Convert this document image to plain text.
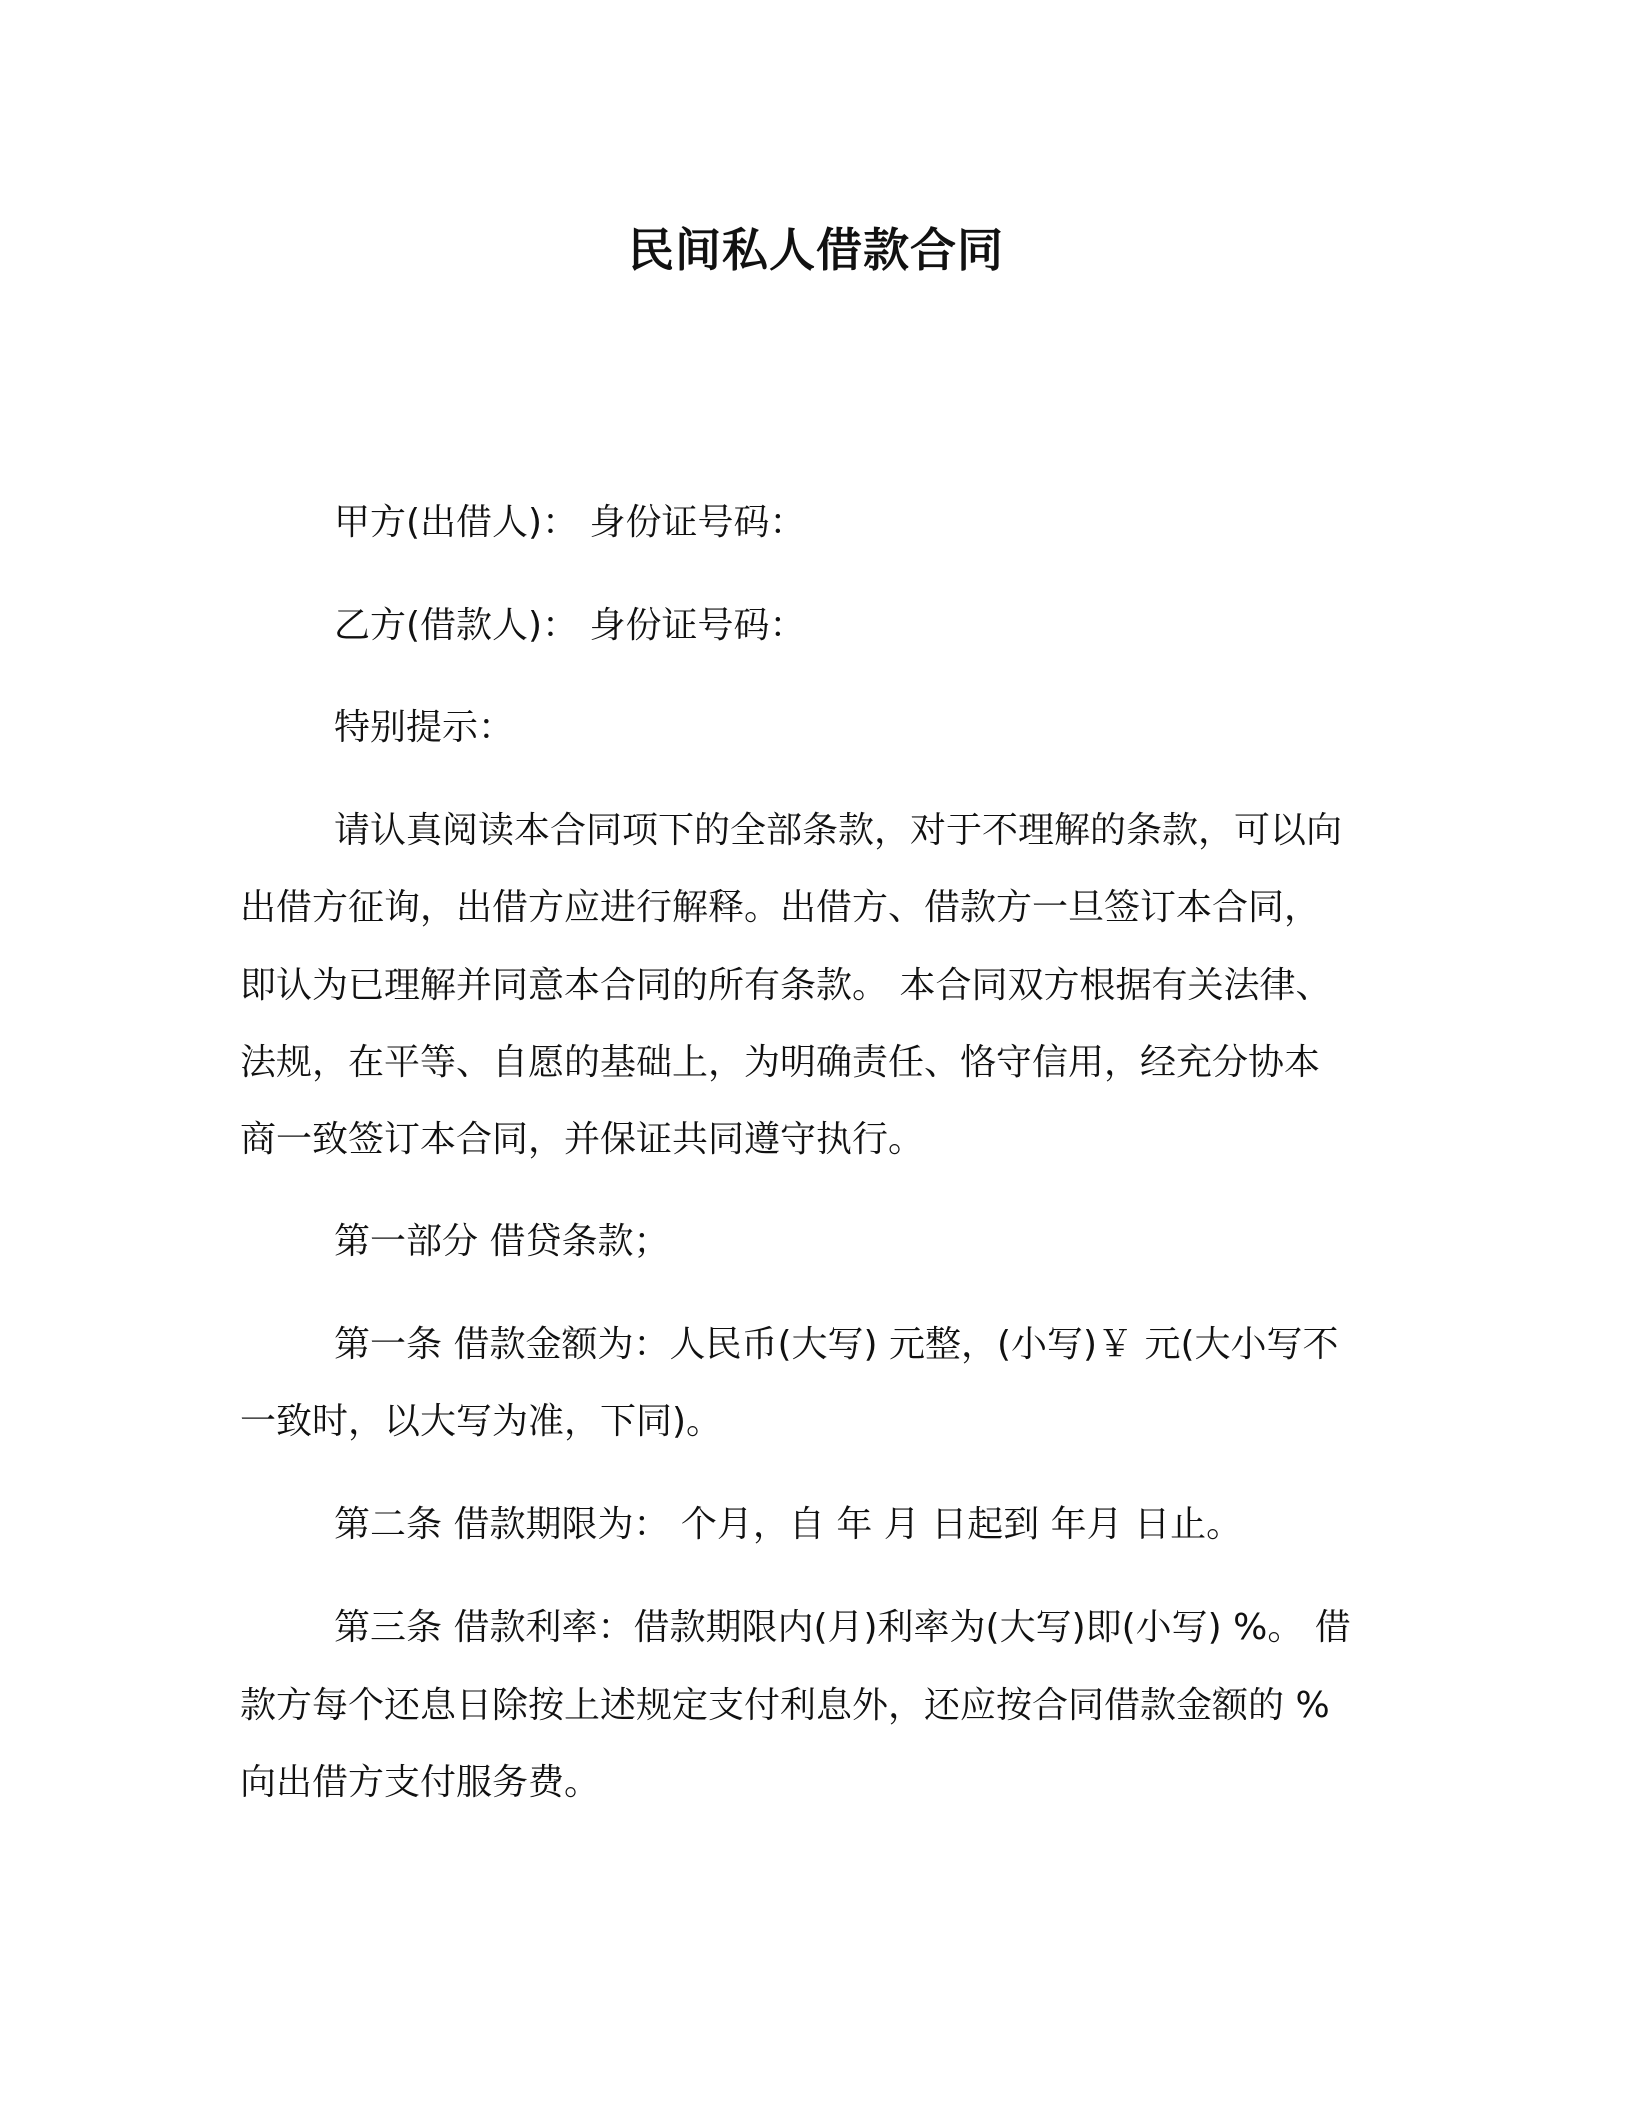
民间私人借款合同
甲方(出借人)： 身份证号码：
乙方(借款人)： 身份证号码：
特别提示：
请认真阅读本合同项下的全部条款，对于不理解的条款，可以向
出借方征询，出借方应进行解释。出借方、借款方一旦签订本合同，
即认为已理解并同意本合同的所有条款。 本合同双方根据有关法律、
法规，在平等、自愿的基础上，为明确责任、恪守信用，经充分协本
商一致签订本合同，并保证共同遵守执行。
第一部分 借贷条款；
第一条 借款金额为：人民币(大写) 元整，(小写)￥ 元(大小写不
一致时，以大写为准，下同)。
第二条 借款期限为： 个月，自 年 月 日起到 年月 日止。
第三条 借款利率：借款期限内(月)利率为(大写)即(小写) %。 借
款方每个还息日除按上述规定支付利息外，还应按合同借款金额的 %
向出借方支付服务费。
